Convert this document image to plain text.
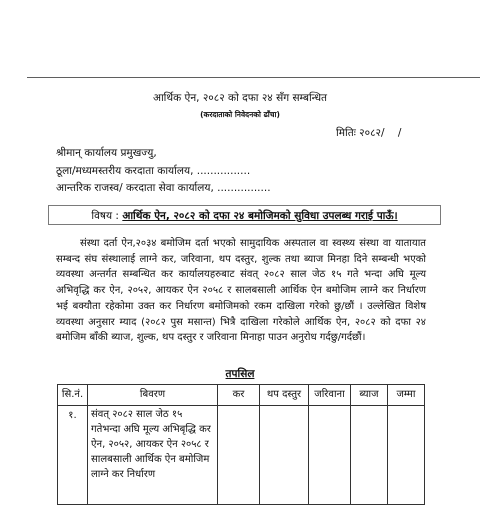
आर्थिक ऐन, २०८२ को दफा २४ सँग सम्बन्धित
(करदाताको निवेदनको ढाँचा)
मितिः २०८२/    /
श्रीमान् कार्यालय प्रमुखज्यु,
ठूला/मध्यमस्तरीय करदाता कार्यालय, ................
आन्तरिक राजस्व/ करदाता सेवा कार्यालय, ................
विषय : आर्थिक ऐन, २०८२ को दफा २४ बमोजिमको सुविधा उपलब्ध गराई पाऊँ।
संस्था दर्ता ऐन,२०३४ बमोजिम दर्ता भएको सामुदायिक अस्पताल वा स्वस्थ्य संस्था वा यातायात सम्बन्द संघ संस्थालाई लाग्ने कर, जरिवाना, थप दस्तुर, शुल्क तथा ब्याज मिनहा दिने सम्बन्धी भएको व्यवस्था अन्तर्गत सम्बन्धित कर कार्यालयहरुबाट संवत् २०८२ साल जेठ १५ गते भन्दा अघि मूल्य अभिवृद्धि कर ऐन, २०५२, आयकर ऐन २०५८ र सालबसाली आर्थिक ऐन बमोजिम लाग्ने कर निर्धारण भई बक्यौता रहेकोमा उक्त कर निर्धारण बमोजिमको रकम दाखिला गरेको छु/छौं । उल्लेखित विशेष व्यवस्था अनुसार म्याद (२०८२ पुस मसान्त) भित्रै दाखिला गरेकोले आर्थिक ऐन, २०८२ को दफा २४ बमोजिम बाँकी ब्याज, शुल्क, थप दस्तुर र जरिवाना मिनाहा पाउन अनुरोध गर्दछु/गर्दछौं।
तपसिल
सि.नं.	बिवरण	कर	थप दस्तुर	जरिवाना	ब्याज	जम्मा
१.	संवत् २०८२ साल जेठ १५ गतेभन्दा अघि मूल्य अभिबृद्धि कर ऐन, २०५२, आयकर ऐन २०५८ र सालबसाली आर्थिक ऐन बमोजिम लाग्ने कर निर्धारण					
